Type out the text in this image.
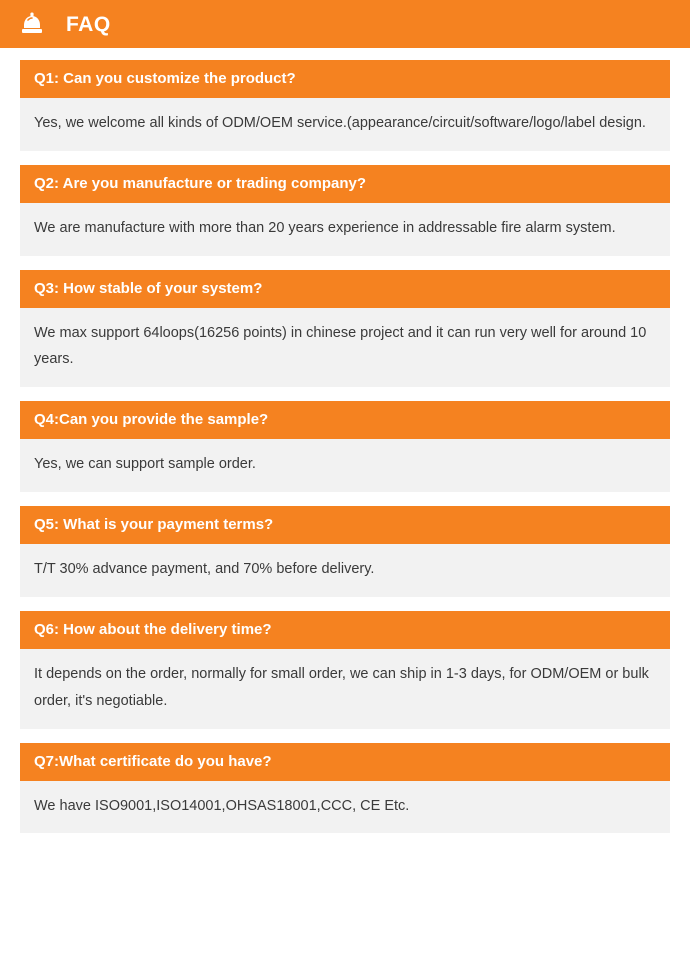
FAQ
Q1: Can you customize the product?
Yes, we welcome all kinds of ODM/OEM service.(appearance/circuit/software/logo/label design.
Q2: Are you manufacture or trading company?
We are manufacture with more than 20 years experience in addressable fire alarm system.
Q3: How stable of your system?
We max support 64loops(16256 points) in chinese project and it can run very well for around 10 years.
Q4:Can you provide the sample?
Yes, we can support sample order.
Q5: What is your payment terms?
T/T 30% advance payment, and 70% before delivery.
Q6: How about the delivery time?
It depends on the order, normally for small order, we can ship in 1-3 days, for ODM/OEM or bulk order, it's negotiable.
Q7:What certificate do you have?
We have ISO9001,ISO14001,OHSAS18001,CCC, CE Etc.
